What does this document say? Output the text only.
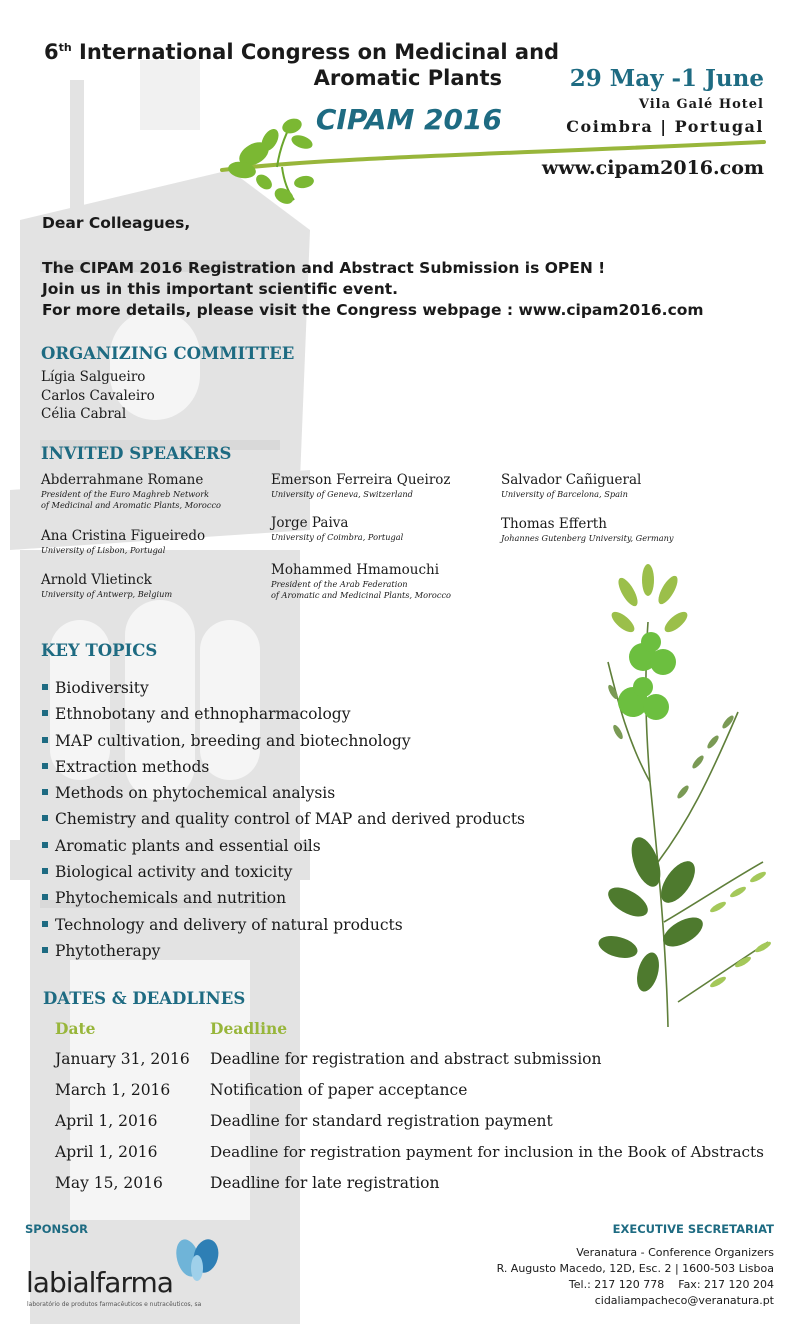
6th International Congress on Medicinal and
Aromatic Plants
CIPAM 2016
29 May -1 June
Vila Galé Hotel
Coimbra | Portugal
www.cipam2016.com
Dear Colleagues,
The CIPAM 2016 Registration and Abstract Submission is OPEN !
Join us in this important scientific event.
For more details, please visit the Congress webpage : www.cipam2016.com
ORGANIZING COMMITTEE
Lígia Salgueiro
Carlos Cavaleiro
Célia Cabral
INVITED SPEAKERS
Abderrahmane Romane
President of the Euro Maghreb Network
of Medicinal and Aromatic Plants, Morocco
Ana Cristina Figueiredo
University of Lisbon, Portugal
Arnold Vlietinck
University of Antwerp, Belgium
Emerson Ferreira Queiroz
University of Geneva, Switzerland
Jorge Paiva
University of Coimbra, Portugal
Mohammed Hmamouchi
President of the Arab Federation
of Aromatic and Medicinal Plants, Morocco
Salvador Cañigueral
University of Barcelona, Spain
Thomas Efferth
Johannes Gutenberg University, Germany
KEY TOPICS
Biodiversity
Ethnobotany and ethnopharmacology
MAP cultivation, breeding and biotechnology
Extraction methods
Methods on phytochemical analysis
Chemistry and quality control of MAP and derived products
Aromatic plants and essential oils
Biological activity and toxicity
Phytochemicals and nutrition
Technology and delivery of natural products
Phytotherapy
DATES & DEADLINES
Date	Deadline
January 31, 2016 Deadline for registration and abstract submission
March 1, 2016	Notification of paper acceptance
April 1, 2016	Deadline for standard registration payment
April 1, 2016	Deadline for registration payment for inclusion in the Book of Abstracts
May 15, 2016	Deadline for late registration
SPONSOR
labialfarma
laboratório de produtos farmacêuticos e nutracêuticos, sa
EXECUTIVE SECRETARIAT
Veranatura - Conference Organizers
R. Augusto Macedo, 12D, Esc. 2 | 1600-503 Lisboa
Tel.: 217 120 778    Fax: 217 120 204
cidaliampacheco@veranatura.pt
